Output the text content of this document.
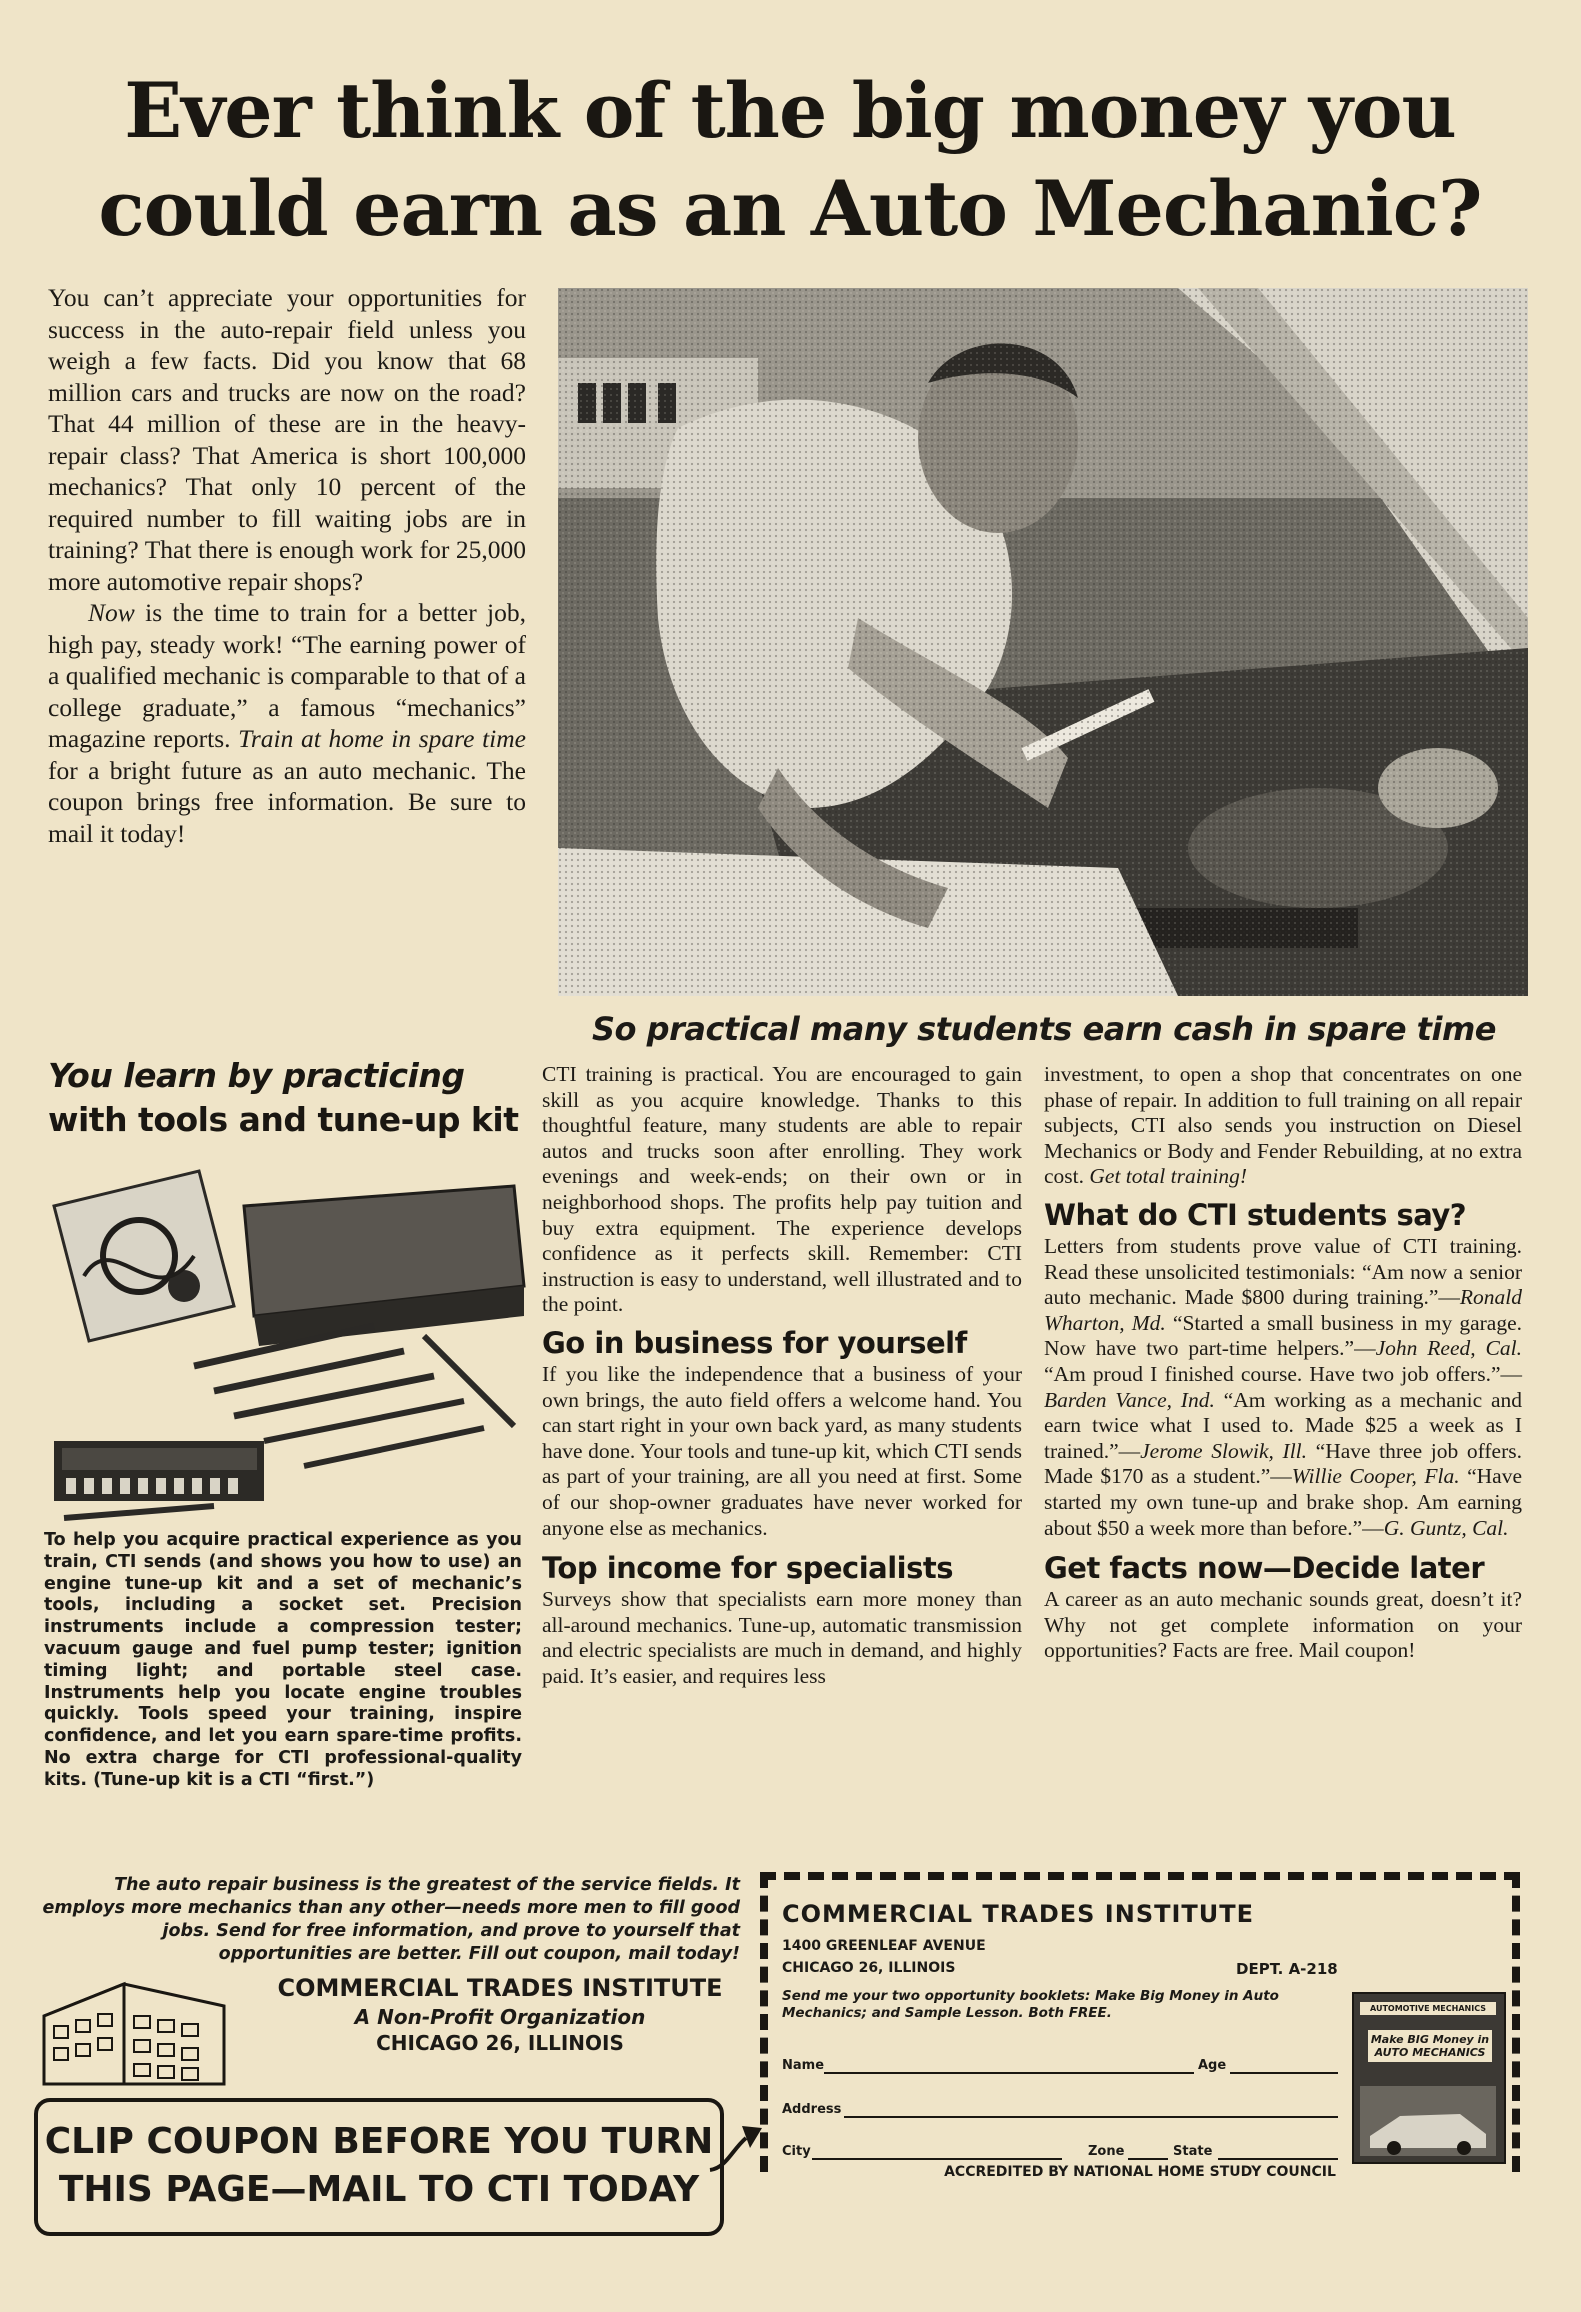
Ever think of the big money you
could earn as an Auto Mechanic?

You can’t appreciate your opportunities for success in the auto-repair field unless you weigh a few facts. Did you know that 68 million cars and trucks are now on the road? That 44 million of these are in the heavy-repair class? That America is short 100,000 mechanics? That only 10 percent of the required number to fill waiting jobs are in training? That there is enough work for 25,000 more automotive repair shops?

Now is the time to train for a better job, high pay, steady work! “The earning power of a qualified mechanic is comparable to that of a college graduate,” a famous “mechanics” magazine reports. Train at home in spare time for a bright future as an auto mechanic. The coupon brings free information. Be sure to mail it today!

So practical many students earn cash in spare time
You learn by practicing
with tools and tune-up kit
To help you acquire practical experience as you train, CTI sends (and shows you how to use) an engine tune-up kit and a set of mechanic’s tools, including a socket set. Precision instruments include a compression tester; vacuum gauge and fuel pump tester; ignition timing light; and portable steel case. Instruments help you locate engine troubles quickly. Tools speed your training, inspire confidence, and let you earn spare-time profits. No extra charge for CTI professional-quality kits. (Tune-up kit is a CTI “first.”)

CTI training is practical. You are encouraged to gain skill as you acquire knowledge. Thanks to this thoughtful feature, many students are able to repair autos and trucks soon after enrolling. They work evenings and week-ends; on their own or in neighborhood shops. The profits help pay tuition and buy extra equipment. The experience develops confidence as it perfects skill. Remember: CTI instruction is easy to understand, well illustrated and to the point.

Go in business for yourself

If you like the independence that a business of your own brings, the auto field offers a welcome hand. You can start right in your own back yard, as many students have done. Your tools and tune-up kit, which CTI sends as part of your training, are all you need at first. Some of our shop-owner graduates have never worked for anyone else as mechanics.

Top income for specialists

Surveys show that specialists earn more money than all-around mechanics. Tune-up, automatic transmission and electric specialists are much in demand, and highly paid. It’s easier, and requires less

investment, to open a shop that concentrates on one phase of repair. In addition to full training on all repair subjects, CTI also sends you instruction on Diesel Mechanics or Body and Fender Rebuilding, at no extra cost. Get total training!

What do CTI students say?

Letters from students prove value of CTI training. Read these unsolicited testimonials: “Am now a senior auto mechanic. Made $800 during training.”—Ronald Wharton, Md. “Started a small business in my garage. Now have two part-time helpers.”—John Reed, Cal. “Am proud I finished course. Have two job offers.”—Barden Vance, Ind. “Am working as a mechanic and earn twice what I used to. Made $25 a week as I trained.”—Jerome Slowik, Ill. “Have three job offers. Made $170 as a student.”—Willie Cooper, Fla. “Have started my own tune-up and brake shop. Am earning about $50 a week more than before.”—G. Guntz, Cal.

Get facts now—Decide later

A career as an auto mechanic sounds great, doesn’t it? Why not get complete information on your opportunities? Facts are free. Mail coupon!

The auto repair business is the greatest of the service fields. It employs more mechanics than any other—needs more men to fill good jobs. Send for free information, and prove to yourself that opportunities are better. Fill out coupon, mail today!
COMMERCIAL TRADES INSTITUTE
A Non-Profit Organization
CHICAGO 26, ILLINOIS
CLIP COUPON BEFORE YOU TURN
THIS PAGE—MAIL TO CTI TODAY
COMMERCIAL TRADES INSTITUTE
1400 GREENLEAF AVENUE
CHICAGO 26, ILLINOIS	DEPT. A-218
Send me your two opportunity booklets: Make Big Money in Auto Mechanics; and Sample Lesson. Both FREE.
Name	Age
Address
City	Zone	State
AUTOMOTIVE MECHANICS
Make BIG Money in AUTO MECHANICS
ACCREDITED BY NATIONAL HOME STUDY COUNCIL
